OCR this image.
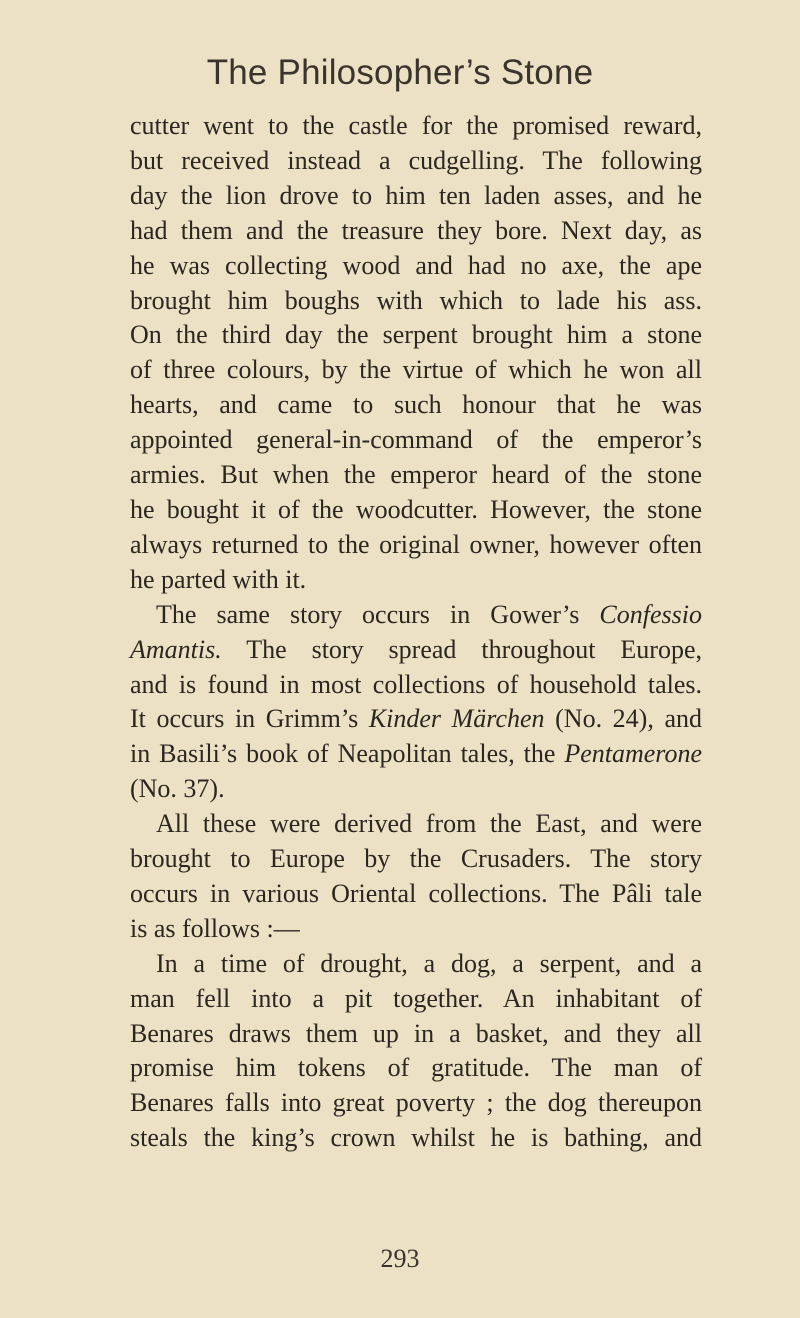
The Philosopher’s Stone

cutter went to the castle for the promised reward,
but received instead a cudgelling. The following
day the lion drove to him ten laden asses, and he
had them and the treasure they bore. Next day, as
he was collecting wood and had no axe, the ape
brought him boughs with which to lade his ass.
On the third day the serpent brought him a stone
of three colours, by the virtue of which he won all
hearts, and came to such honour that he was
appointed general-in-command of the emperor’s
armies. But when the emperor heard of the stone
he bought it of the woodcutter. However, the stone
always returned to the original owner, however often
he parted with it.

The same story occurs in Gower’s Confessio
Amantis. The story spread throughout Europe,
and is found in most collections of household tales.
It occurs in Grimm’s Kinder Märchen (No. 24), and
in Basili’s book of Neapolitan tales, the Pentamerone
(No. 37).

All these were derived from the East, and were
brought to Europe by the Crusaders. The story
occurs in various Oriental collections. The Pâli tale
is as follows :—

In a time of drought, a dog, a serpent, and a
man fell into a pit together. An inhabitant of
Benares draws them up in a basket, and they all
promise him tokens of gratitude. The man of
Benares falls into great poverty ; the dog thereupon
steals the king’s crown whilst he is bathing, and

293
